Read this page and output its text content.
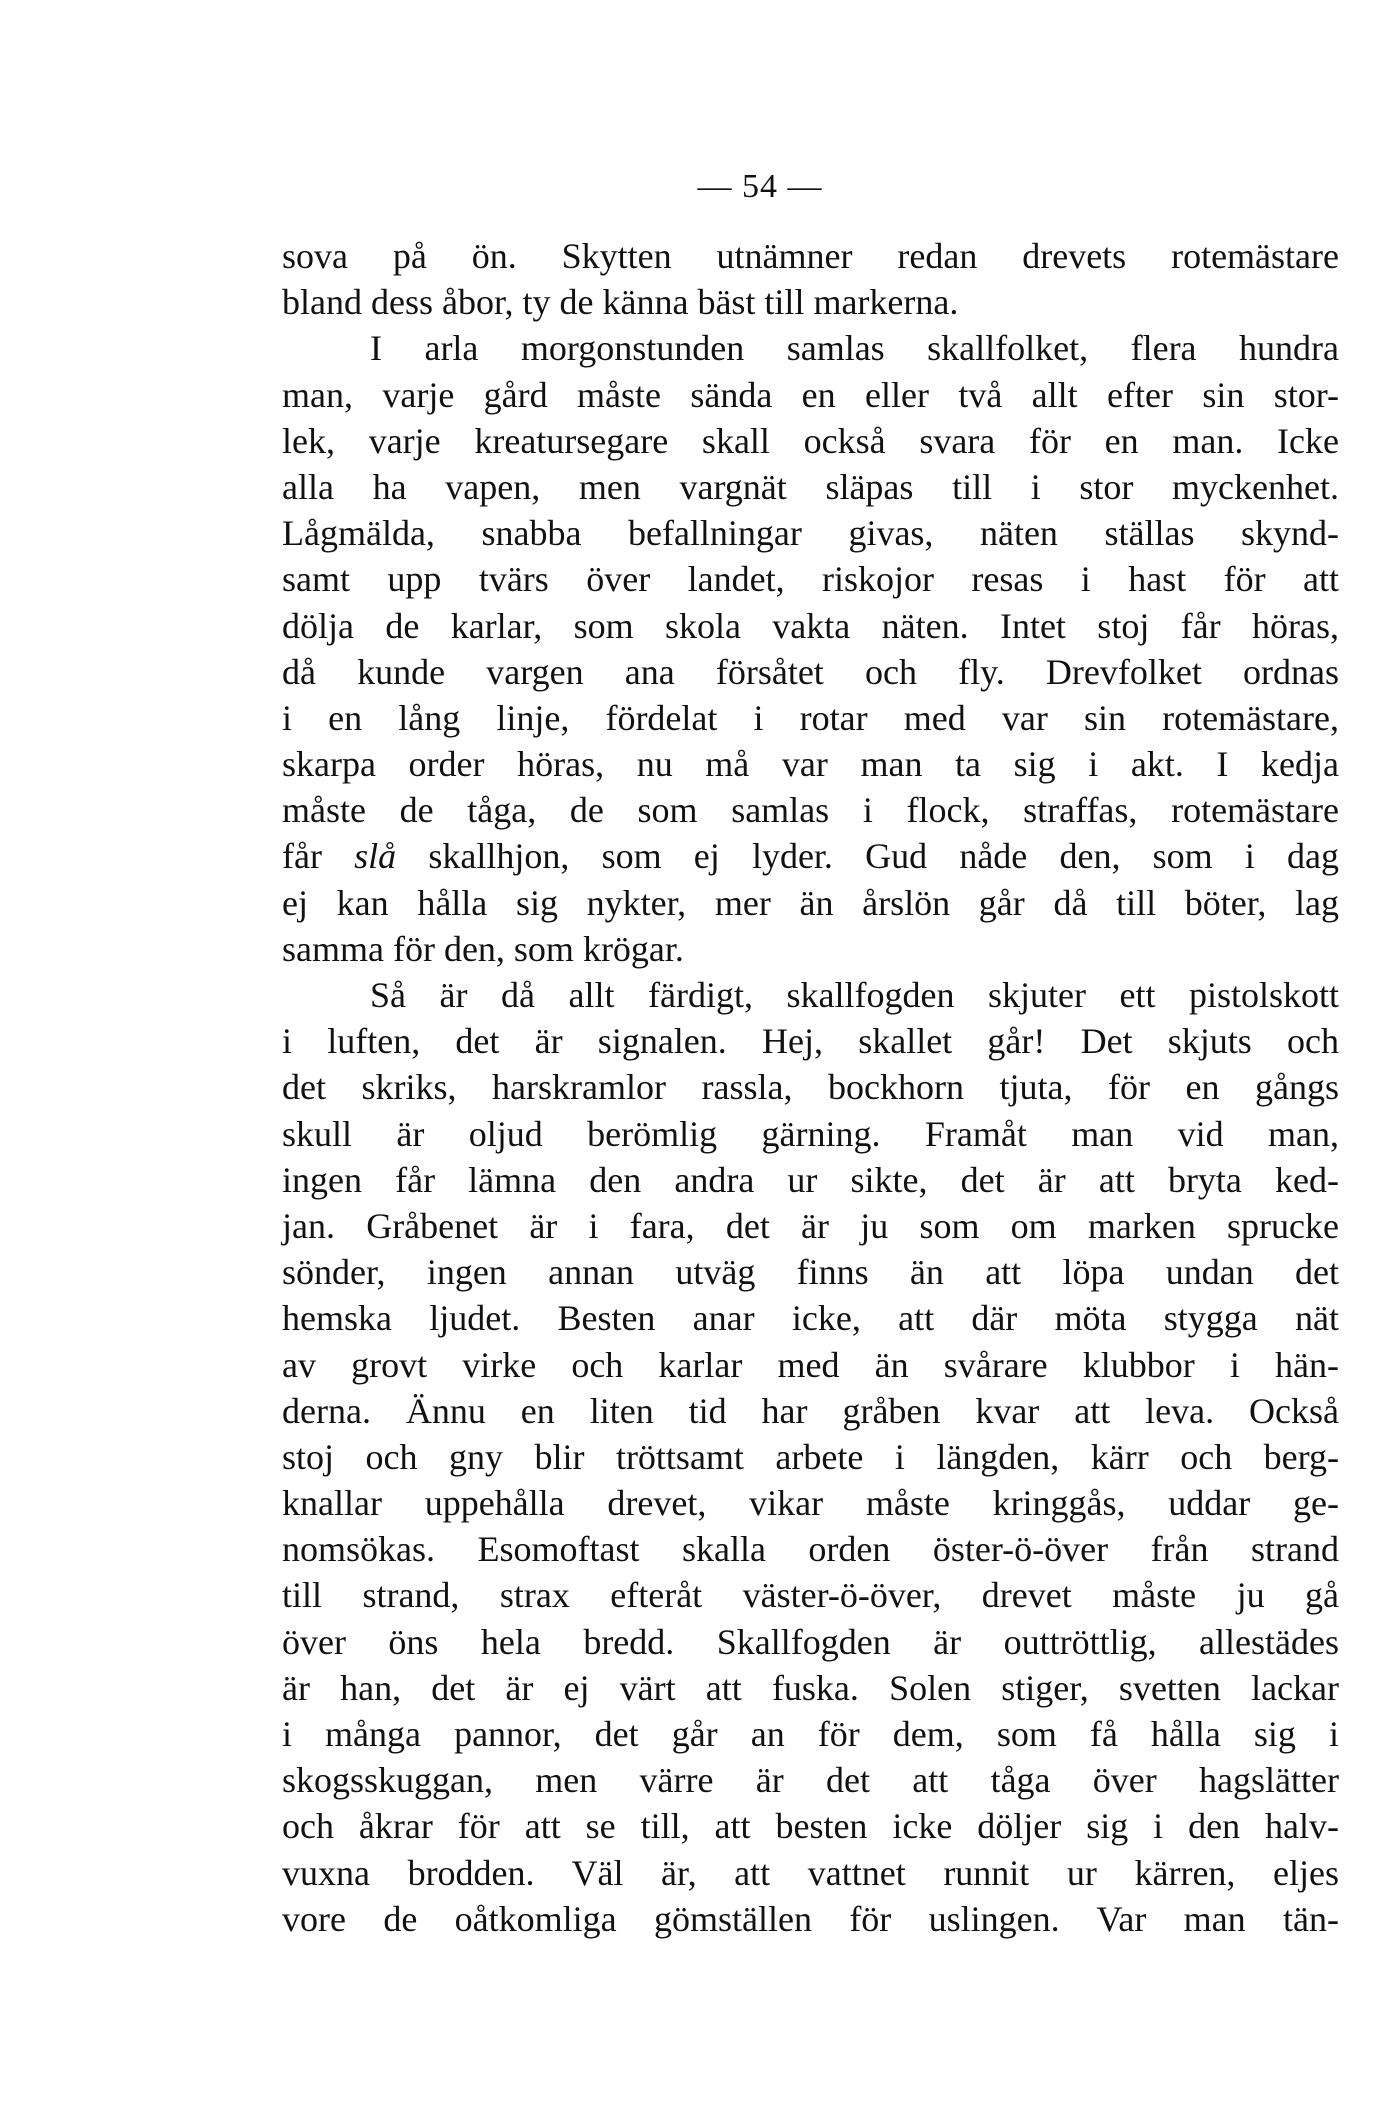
— 54 —
sova på ön. Skytten utnämner redan drevets rotemästare
bland dess åbor, ty de känna bäst till markerna.
I arla morgonstunden samlas skallfolket, flera hundra
man, varje gård måste sända en eller två allt efter sin stor-
lek, varje kreatursegare skall också svara för en man. Icke
alla ha vapen, men vargnät släpas till i stor myckenhet.
Lågmälda, snabba befallningar givas, näten ställas skynd-
samt upp tvärs över landet, riskojor resas i hast för att
dölja de karlar, som skola vakta näten. Intet stoj får höras,
då kunde vargen ana försåtet och fly. Drevfolket ordnas
i en lång linje, fördelat i rotar med var sin rotemästare,
skarpa order höras, nu må var man ta sig i akt. I kedja
måste de tåga, de som samlas i flock, straffas, rotemästare
får slå skallhjon, som ej lyder. Gud nåde den, som i dag
ej kan hålla sig nykter, mer än årslön går då till böter, lag
samma för den, som krögar.
Så är då allt färdigt, skallfogden skjuter ett pistolskott
i luften, det är signalen. Hej, skallet går! Det skjuts och
det skriks, harskramlor rassla, bockhorn tjuta, för en gångs
skull är oljud berömlig gärning. Framåt man vid man,
ingen får lämna den andra ur sikte, det är att bryta ked-
jan. Gråbenet är i fara, det är ju som om marken sprucke
sönder, ingen annan utväg finns än att löpa undan det
hemska ljudet. Besten anar icke, att där möta stygga nät
av grovt virke och karlar med än svårare klubbor i hän-
derna. Ännu en liten tid har gråben kvar att leva. Också
stoj och gny blir tröttsamt arbete i längden, kärr och berg-
knallar uppehålla drevet, vikar måste kringgås, uddar ge-
nomsökas. Esomoftast skalla orden öster-ö-över från strand
till strand, strax efteråt väster-ö-över, drevet måste ju gå
över öns hela bredd. Skallfogden är outtröttlig, allestädes
är han, det är ej värt att fuska. Solen stiger, svetten lackar
i många pannor, det går an för dem, som få hålla sig i
skogsskuggan, men värre är det att tåga över hagslätter
och åkrar för att se till, att besten icke döljer sig i den halv-
vuxna brodden. Väl är, att vattnet runnit ur kärren, eljes
vore de oåtkomliga gömställen för uslingen. Var man tän-
